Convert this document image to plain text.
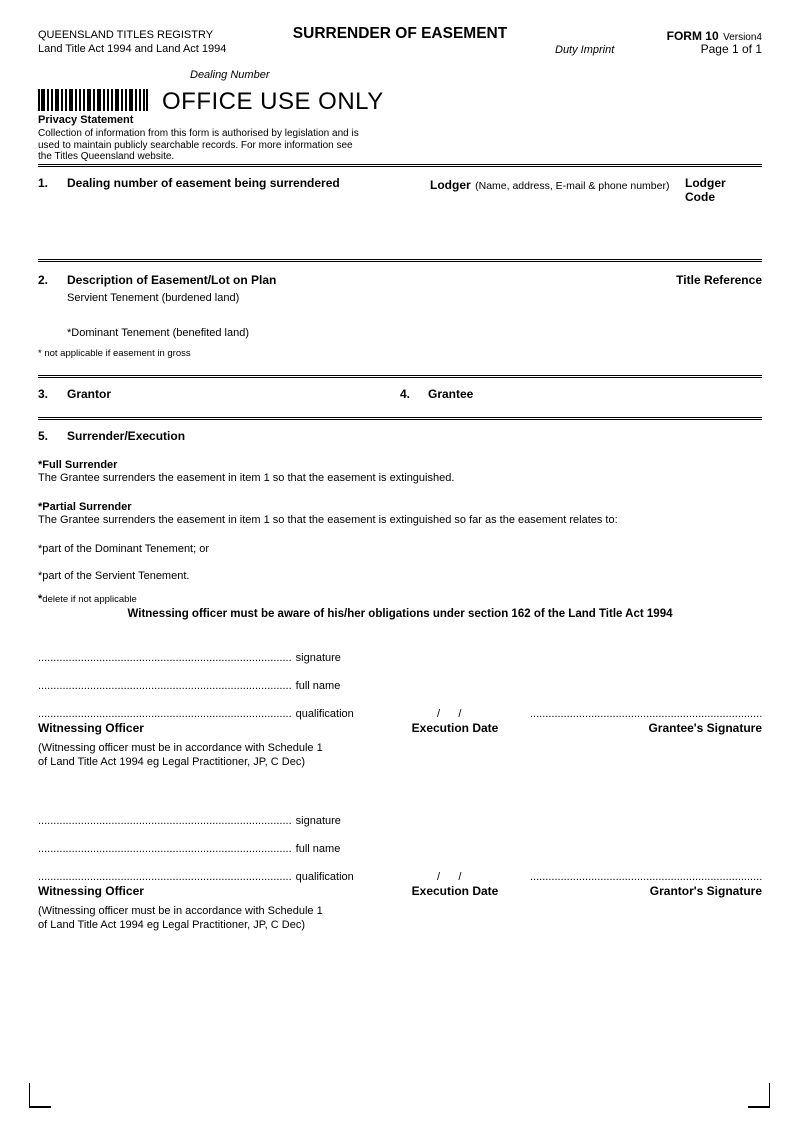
QUEENSLAND TITLES REGISTRY
Land Title Act 1994 and Land Act 1994
SURRENDER OF EASEMENT	FORM 10 Version4
Page 1 of 1
Duty Imprint
Dealing Number
OFFICE USE ONLY
Privacy Statement
Collection of information from this form is authorised by legislation and is
used to maintain publicly searchable records. For more information see
the Titles Queensland website.
1. Dealing number of easement being surrendered	Lodger (Name, address, E-mail & phone number) Lodger Code
2. Description of Easement/Lot on Plan	Title Reference
Servient Tenement (burdened land)
*Dominant Tenement (benefited land)
* not applicable if easement in gross
3. Grantor	4. Grantee
5. Surrender/Execution
*Full Surrender
The Grantee surrenders the easement in item 1 so that the easement is extinguished.
*Partial Surrender
The Grantee surrenders the easement in item 1 so that the easement is extinguished so far as the easement relates to:
*part of the Dominant Tenement; or
*part of the Servient Tenement.
*delete if not applicable
Witnessing officer must be aware of his/her obligations under section 162 of the Land Title Act 1994
................................................................................... signature
................................................................................... full name
................................................................................... qualification	/      /	............................................................................
Witnessing Officer	Execution Date	Grantee's Signature
(Witnessing officer must be in accordance with Schedule 1
of Land Title Act 1994 eg Legal Practitioner, JP, C Dec)
................................................................................... signature
................................................................................... full name
................................................................................... qualification	/      /	............................................................................
Witnessing Officer	Execution Date	Grantor's Signature
(Witnessing officer must be in accordance with Schedule 1
of Land Title Act 1994 eg Legal Practitioner, JP, C Dec)
